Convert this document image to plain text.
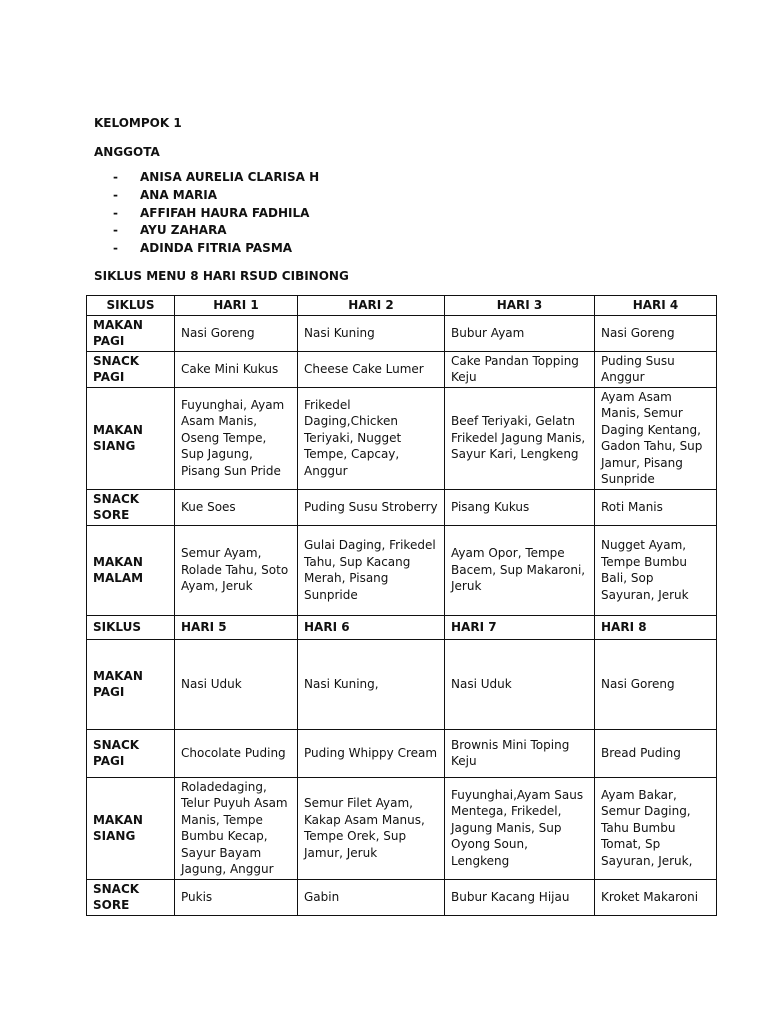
KELOMPOK 1
ANGGOTA
- ANISA AURELIA CLARISA H
- ANA MARIA
- AFFIFAH HAURA FADHILA
- AYU ZAHARA
- ADINDA FITRIA PASMA
SIKLUS MENU 8 HARI RSUD CIBINONG
SIKLUS	HARI 1	HARI 2	HARI 3	HARI 4
MAKAN PAGI	Nasi Goreng	Nasi Kuning	Bubur Ayam	Nasi Goreng
SNACK PAGI	Cake Mini Kukus	Cheese Cake Lumer	Cake Pandan Topping Keju	Puding Susu Anggur
MAKAN SIANG	Fuyunghai, Ayam Asam Manis, Oseng Tempe, Sup Jagung, Pisang Sun Pride	Frikedel Daging,Chicken Teriyaki, Nugget Tempe, Capcay, Anggur	Beef Teriyaki, Gelatn Frikedel Jagung Manis, Sayur Kari, Lengkeng	Ayam Asam Manis, Semur Daging Kentang, Gadon Tahu, Sup Jamur, Pisang Sunpride
SNACK SORE	Kue Soes	Puding Susu Stroberry	Pisang Kukus	Roti Manis
MAKAN MALAM	Semur Ayam, Rolade Tahu, Soto Ayam, Jeruk	Gulai Daging, Frikedel Tahu, Sup Kacang Merah, Pisang Sunpride	Ayam Opor, Tempe Bacem, Sup Makaroni, Jeruk	Nugget Ayam, Tempe Bumbu Bali, Sop Sayuran, Jeruk
SIKLUS	HARI 5	HARI 6	HARI 7	HARI 8
MAKAN PAGI	Nasi Uduk	Nasi Kuning,	Nasi Uduk	Nasi Goreng
SNACK PAGI	Chocolate Puding	Puding Whippy Cream	Brownis Mini Toping Keju	Bread Puding
MAKAN SIANG	Roladedaging, Telur Puyuh Asam Manis, Tempe Bumbu Kecap, Sayur Bayam Jagung, Anggur	Semur Filet Ayam, Kakap Asam Manus, Tempe Orek, Sup Jamur, Jeruk	Fuyunghai,Ayam Saus Mentega, Frikedel, Jagung Manis, Sup Oyong Soun, Lengkeng	Ayam Bakar, Semur Daging, Tahu Bumbu Tomat, Sp Sayuran, Jeruk,
SNACK SORE	Pukis	Gabin	Bubur Kacang Hijau	Kroket Makaroni
